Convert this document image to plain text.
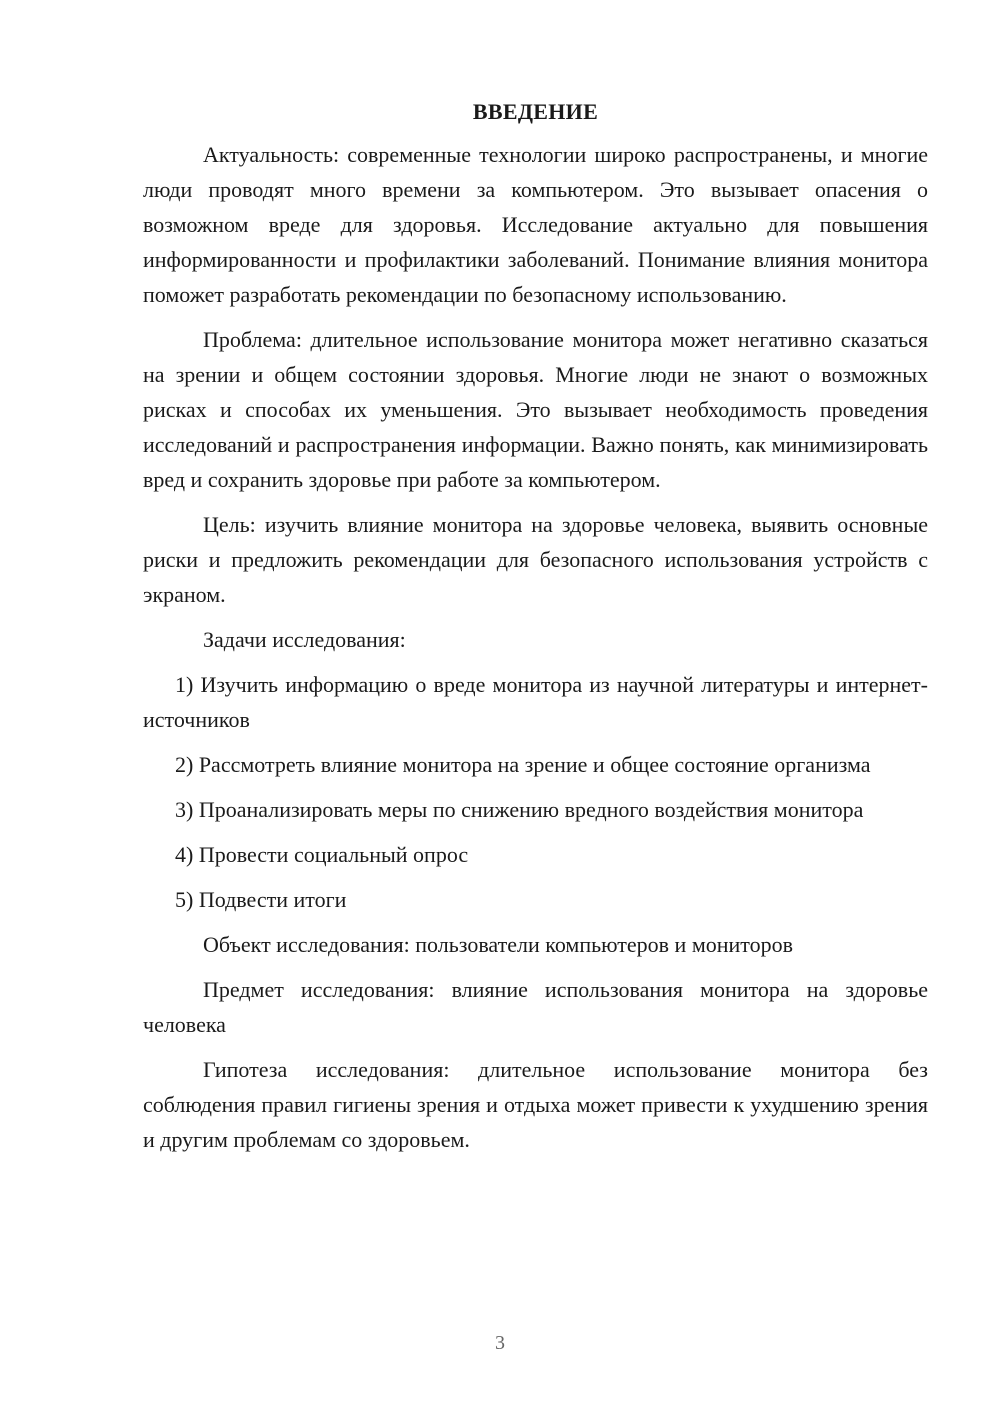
ВВЕДЕНИЕ

Актуальность: современные технологии широко распространены, и многие люди проводят много времени за компьютером. Это вызывает опасения о возможном вреде для здоровья. Исследование актуально для повышения информированности и профилактики заболеваний. Понимание влияния монитора поможет разработать рекомендации по безопасному использованию.

Проблема: длительное использование монитора может негативно сказаться на зрении и общем состоянии здоровья. Многие люди не знают о возможных рисках и способах их уменьшения. Это вызывает необходимость проведения исследований и распространения информации. Важно понять, как минимизировать вред и сохранить здоровье при работе за компьютером.

Цель: изучить влияние монитора на здоровье человека, выявить основные риски и предложить рекомендации для безопасного использования устройств с экраном.

Задачи исследования:

1) Изучить информацию о вреде монитора из научной литературы и интернет-источников

2) Рассмотреть влияние монитора на зрение и общее состояние организма

3) Проанализировать меры по снижению вредного воздействия монитора

4) Провести социальный опрос

5) Подвести итоги

Объект исследования: пользователи компьютеров и мониторов

Предмет исследования: влияние использования монитора на здоровье человека

Гипотеза исследования: длительное использование монитора без соблюдения правил гигиены зрения и отдыха может привести к ухудшению зрения и другим проблемам со здоровьем.

3
